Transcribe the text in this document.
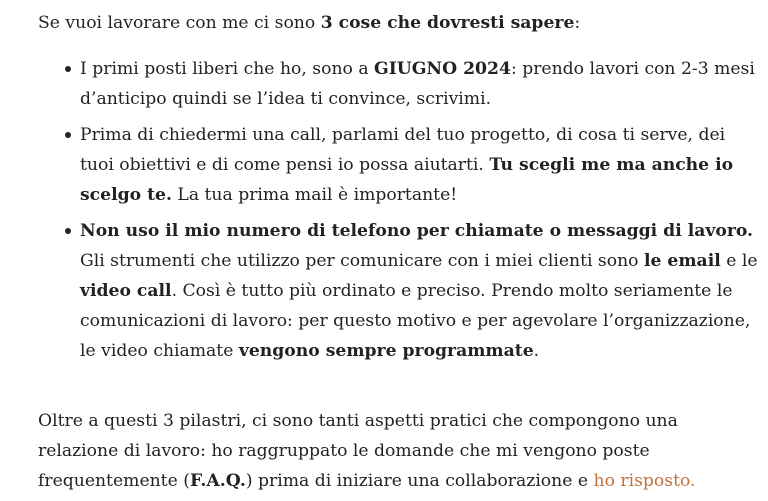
Se vuoi lavorare con me ci sono 3 cose che dovresti sapere:

I primi posti liberi che ho, sono a GIUGNO 2024: prendo lavori con 2-3 mesi d’anticipo quindi se l’idea ti convince, scrivimi.
Prima di chiedermi una call, parlami del tuo progetto, di cosa ti serve, dei tuoi obiettivi e di come pensi io possa aiutarti. Tu scegli me ma anche io scelgo te. La tua prima mail è importante!
Non uso il mio numero di telefono per chiamate o messaggi di lavoro. Gli strumenti che utilizzo per comunicare con i miei clienti sono le email e le video call. Così è tutto più ordinato e preciso. Prendo molto seriamente le comunicazioni di lavoro: per questo motivo e per agevolare l’organizzazione, le video chiamate vengono sempre programmate.

Oltre a questi 3 pilastri, ci sono tanti aspetti pratici che compongono una relazione di lavoro: ho raggruppato le domande che mi vengono poste frequentemente (F.A.Q.) prima di iniziare una collaborazione e ho risposto.
